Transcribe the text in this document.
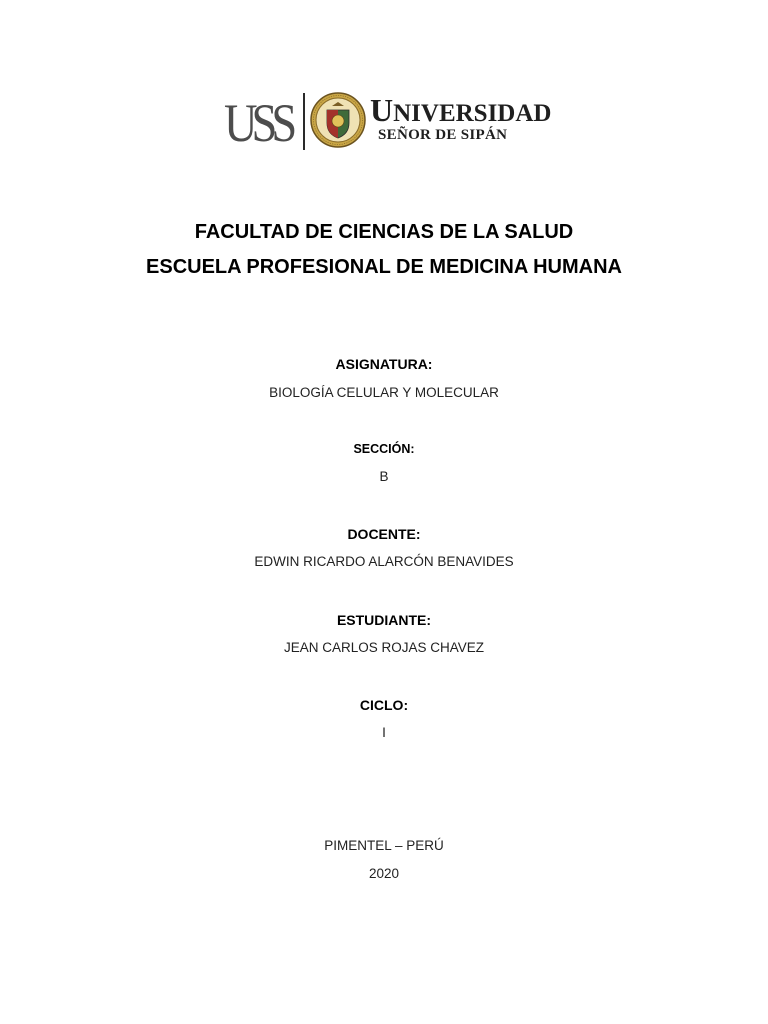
USS UNIVERSIDAD
SEÑOR DE SIPÁN
FACULTAD DE CIENCIAS DE LA SALUD
ESCUELA PROFESIONAL DE MEDICINA HUMANA
ASIGNATURA:
BIOLOGÍA CELULAR Y MOLECULAR
SECCIÓN:
B
DOCENTE:
EDWIN RICARDO ALARCÓN BENAVIDES
ESTUDIANTE:
JEAN CARLOS ROJAS CHAVEZ
CICLO:
I
PIMENTEL – PERÚ
2020
